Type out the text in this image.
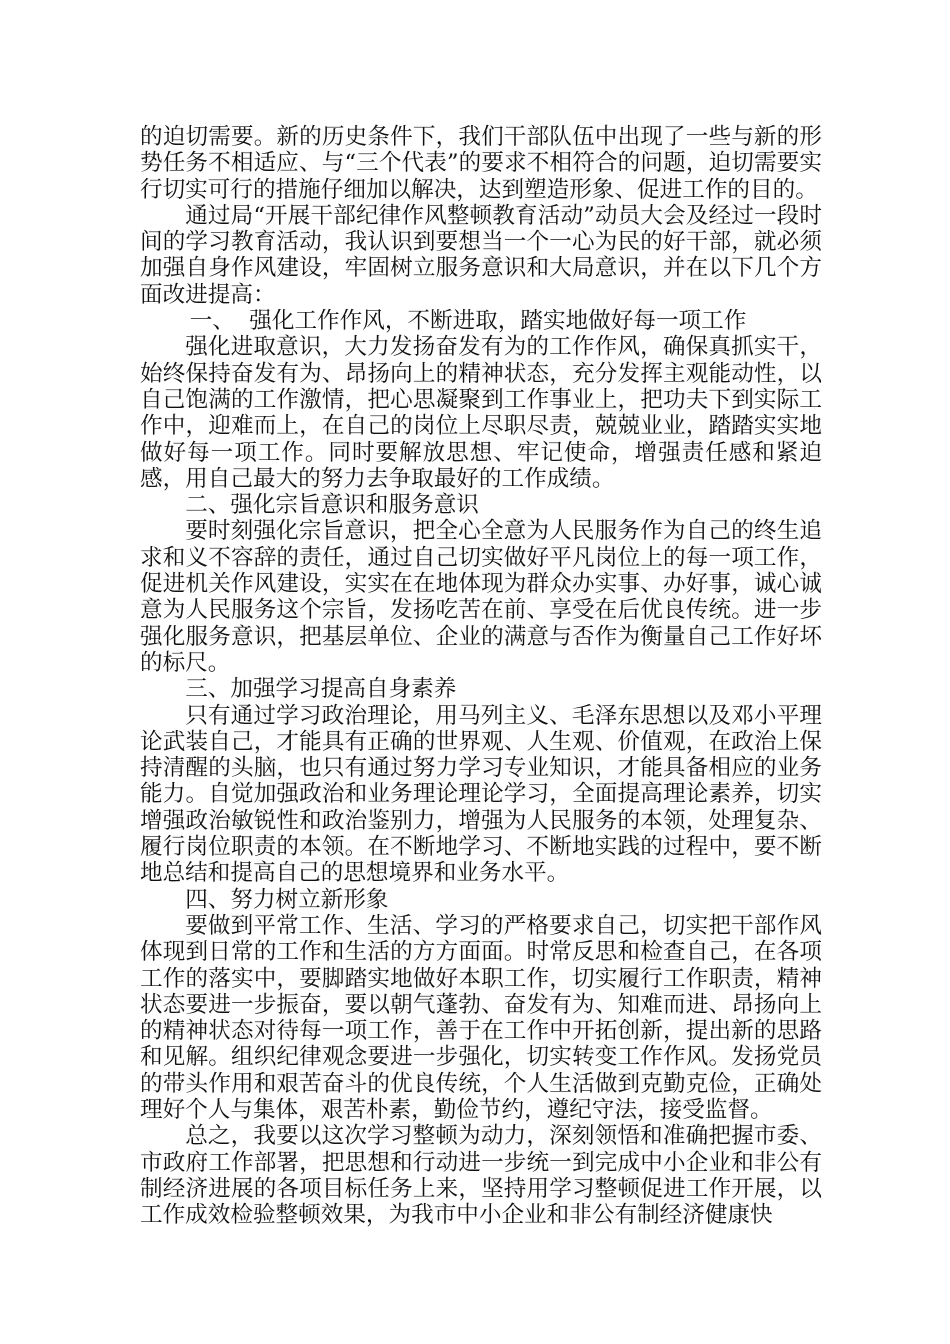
的迫切需要。新的历史条件下，我们干部队伍中出现了一些与新的形势任务不相适应、与“三个代表”的要求不相符合的问题，迫切需要实行切实可行的措施仔细加以解决，达到塑造形象、促进工作的目的。

通过局“开展干部纪律作风整顿教育活动”动员大会及经过一段时间的学习教育活动，我认识到要想当一个一心为民的好干部，就必须加强自身作风建设，牢固树立服务意识和大局意识，并在以下几个方面改进提高：

一、  强化工作作风，不断进取，踏实地做好每一项工作

强化进取意识，大力发扬奋发有为的工作作风，确保真抓实干，始终保持奋发有为、昂扬向上的精神状态，充分发挥主观能动性，以自己饱满的工作激情，把心思凝聚到工作事业上，把功夫下到实际工作中，迎难而上，在自己的岗位上尽职尽责，兢兢业业，踏踏实实地做好每一项工作。同时要解放思想、牢记使命，增强责任感和紧迫感，用自己最大的努力去争取最好的工作成绩。

二、强化宗旨意识和服务意识

要时刻强化宗旨意识，把全心全意为人民服务作为自己的终生追求和义不容辞的责任，通过自己切实做好平凡岗位上的每一项工作，促进机关作风建设，实实在在地体现为群众办实事、办好事，诚心诚意为人民服务这个宗旨，发扬吃苦在前、享受在后优良传统。进一步强化服务意识，把基层单位、企业的满意与否作为衡量自己工作好坏的标尺。

三、加强学习提高自身素养

只有通过学习政治理论，用马列主义、毛泽东思想以及邓小平理论武装自己，才能具有正确的世界观、人生观、价值观，在政治上保持清醒的头脑，也只有通过努力学习专业知识，才能具备相应的业务能力。自觉加强政治和业务理论理论学习，全面提高理论素养，切实增强政治敏锐性和政治鉴别力，增强为人民服务的本领，处理复杂、履行岗位职责的本领。在不断地学习、不断地实践的过程中，要不断地总结和提高自己的思想境界和业务水平。

四、努力树立新形象

要做到平常工作、生活、学习的严格要求自己，切实把干部作风体现到日常的工作和生活的方方面面。时常反思和检查自己，在各项工作的落实中，要脚踏实地做好本职工作，切实履行工作职责，精神状态要进一步振奋，要以朝气蓬勃、奋发有为、知难而进、昂扬向上的精神状态对待每一项工作，善于在工作中开拓创新，提出新的思路和见解。组织纪律观念要进一步强化，切实转变工作作风。发扬党员的带头作用和艰苦奋斗的优良传统，个人生活做到克勤克俭，正确处理好个人与集体，艰苦朴素，勤俭节约，遵纪守法，接受监督。

总之，我要以这次学习整顿为动力，深刻领悟和准确把握市委、市政府工作部署，把思想和行动进一步统一到完成中小企业和非公有制经济进展的各项目标任务上来，坚持用学习整顿促进工作开展，以工作成效检验整顿效果，为我市中小企业和非公有制经济健康快
